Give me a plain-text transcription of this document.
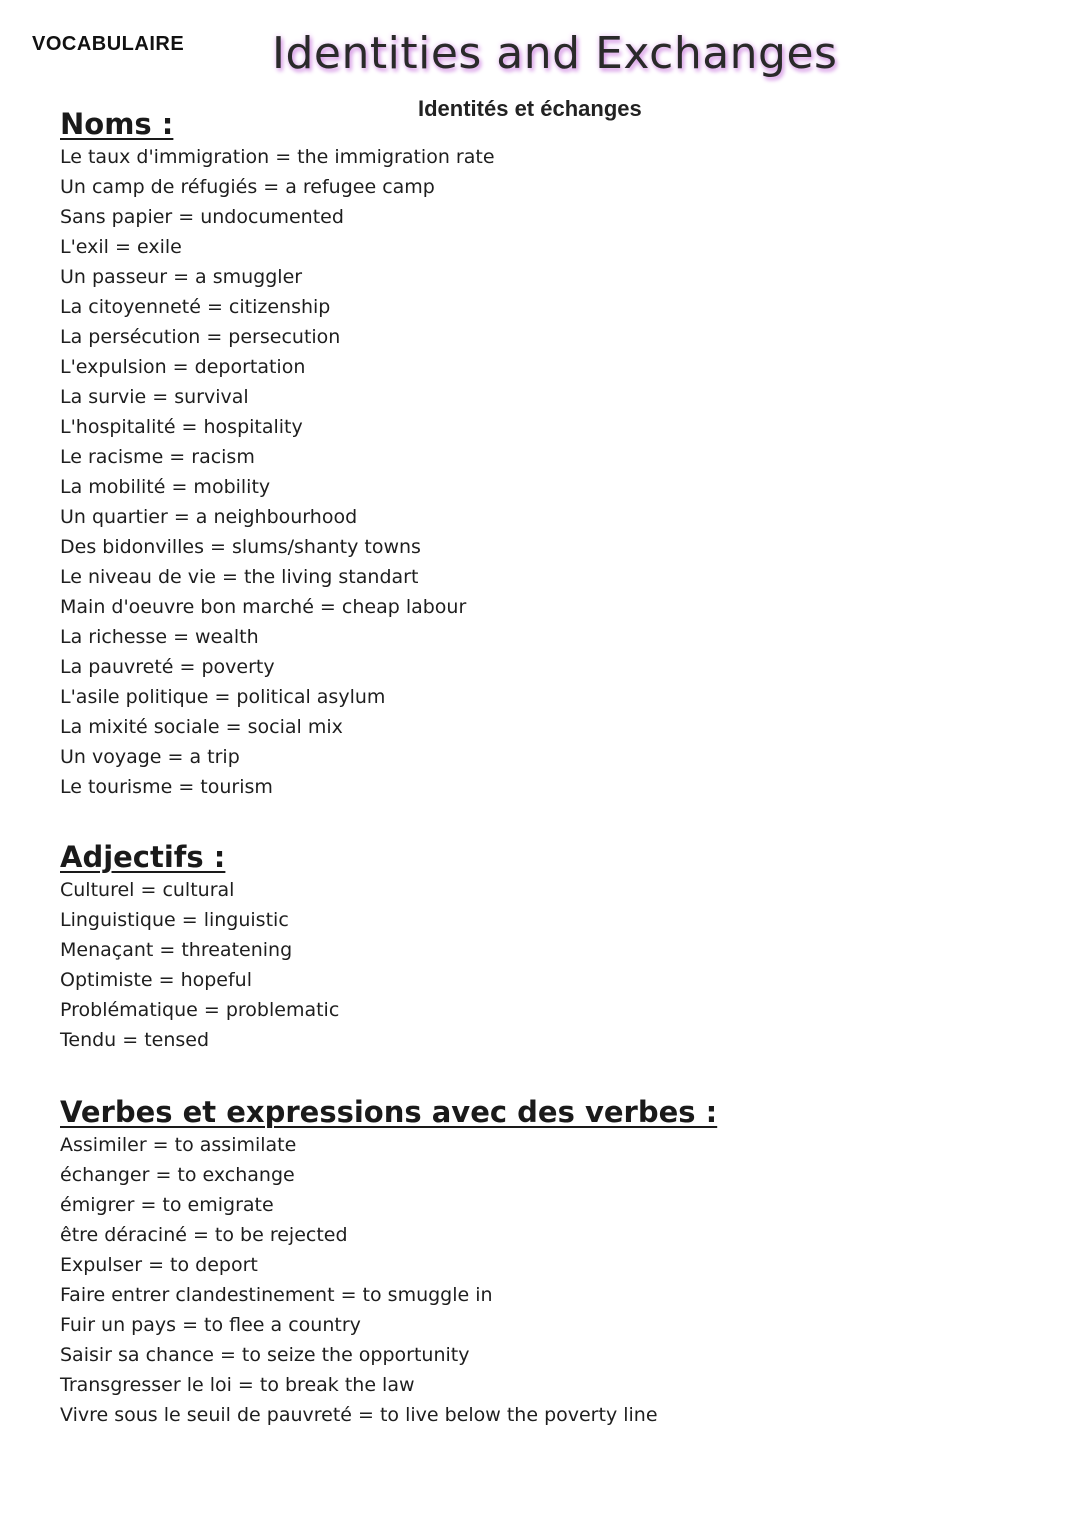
VOCABULAIRE Identities and Exchanges
Identités et échanges
Noms :
Le taux d'immigration = the immigration rate
Un camp de réfugiés = a refugee camp
Sans papier = undocumented
L'exil = exile
Un passeur = a smuggler
La citoyenneté = citizenship
La persécution = persecution
L'expulsion = deportation
La survie = survival
L'hospitalité = hospitality
Le racisme = racism
La mobilité = mobility
Un quartier = a neighbourhood
Des bidonvilles = slums/shanty towns
Le niveau de vie = the living standart
Main d'oeuvre bon marché = cheap labour
La richesse = wealth
La pauvreté = poverty
L'asile politique = political asylum
La mixité sociale = social mix
Un voyage = a trip
Le tourisme = tourism
Adjectifs :
Culturel = cultural
Linguistique = linguistic
Menaçant = threatening
Optimiste = hopeful
Problématique = problematic
Tendu = tensed
Verbes et expressions avec des verbes :
Assimiler = to assimilate
échanger = to exchange
émigrer = to emigrate
être déraciné = to be rejected
Expulser = to deport
Faire entrer clandestinement = to smuggle in
Fuir un pays = to flee a country
Saisir sa chance = to seize the opportunity
Transgresser le loi = to break the law
Vivre sous le seuil de pauvreté = to live below the poverty line
